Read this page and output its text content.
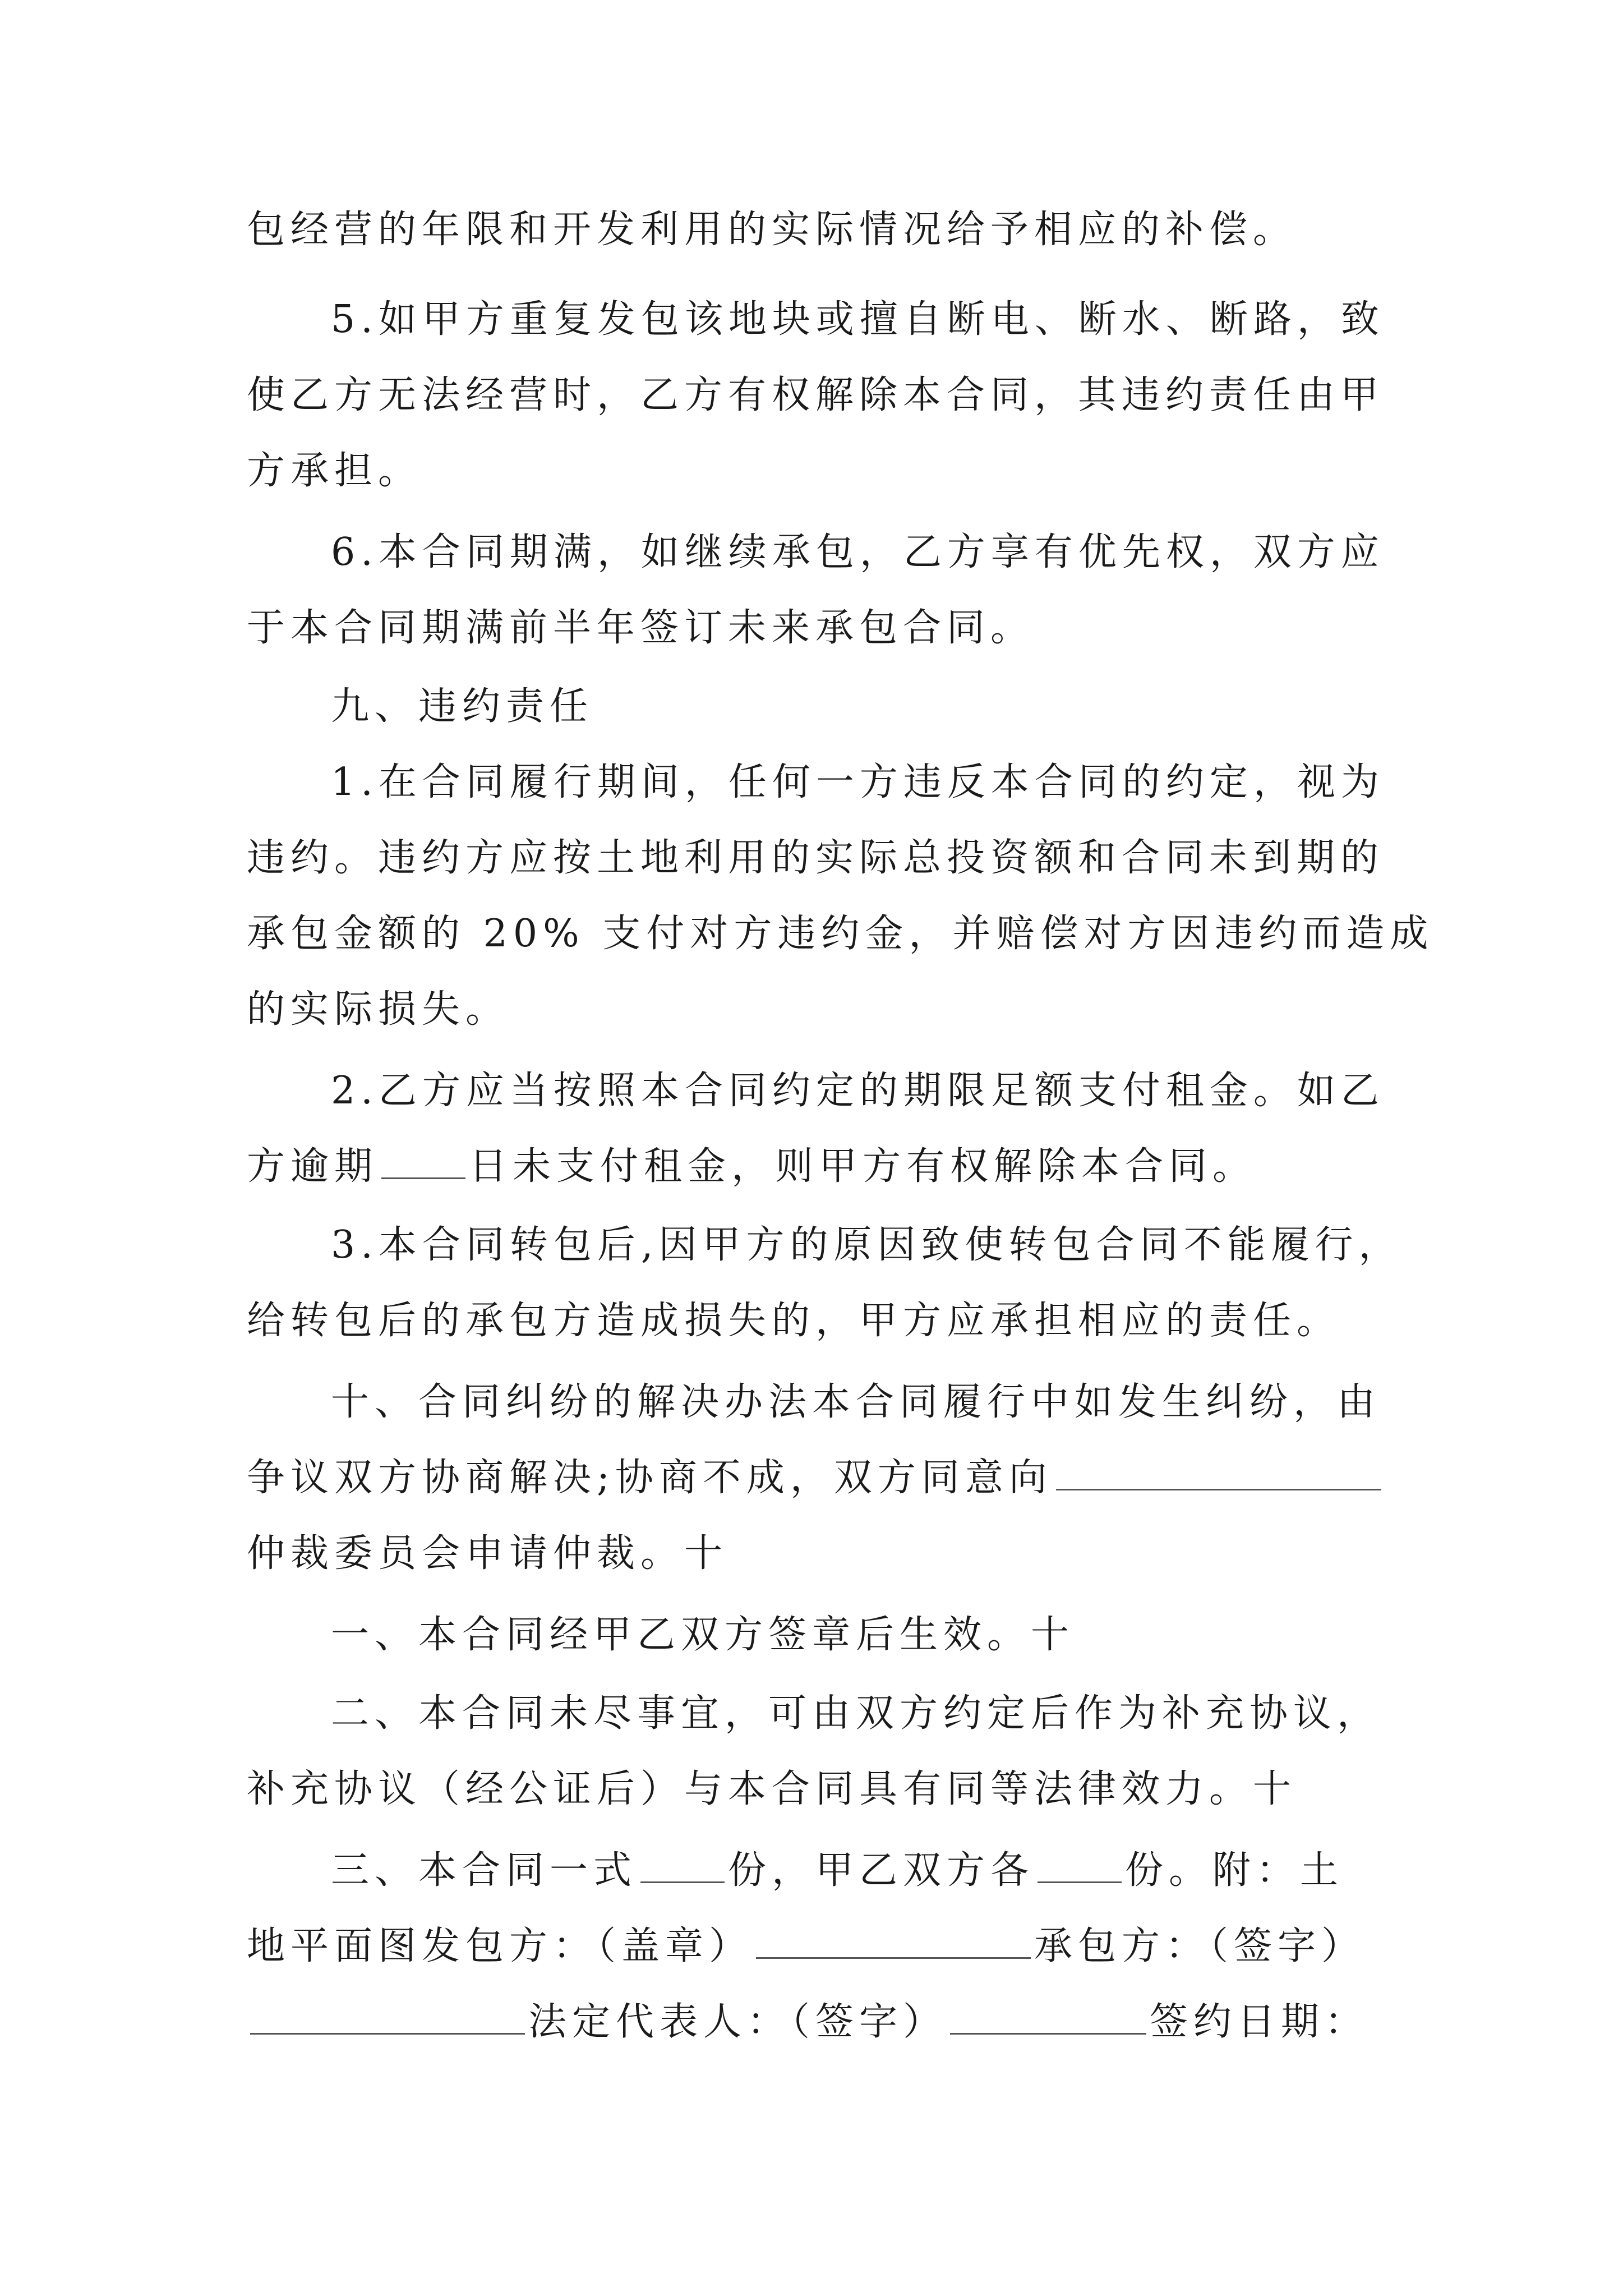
包经营的年限和开发利用的实际情况给予相应的补偿。
5.如甲方重复发包该地块或擅自断电、断水、断路，致
使乙方无法经营时，乙方有权解除本合同，其违约责任由甲
方承担。
6.本合同期满，如继续承包，乙方享有优先权，双方应
于本合同期满前半年签订未来承包合同。
九、违约责任
1.在合同履行期间，任何一方违反本合同的约定，视为
违约。违约方应按土地利用的实际总投资额和合同未到期的
承包金额的 20% 支付对方违约金，并赔偿对方因违约而造成
的实际损失。
2.乙方应当按照本合同约定的期限足额支付租金。如乙
方逾期 日未支付租金，则甲方有权解除本合同。
3.本合同转包后,因甲方的原因致使转包合同不能履行，
给转包后的承包方造成损失的，甲方应承担相应的责任。
十、合同纠纷的解决办法本合同履行中如发生纠纷，由
争议双方协商解决;协商不成，双方同意向
仲裁委员会申请仲裁。十
一、本合同经甲乙双方签章后生效。十
二、本合同未尽事宜，可由双方约定后作为补充协议，
补充协议（经公证后）与本合同具有同等法律效力。十
三、本合同一式 份，甲乙双方各 份。附：土
地平面图发包方：（盖章）	承包方：（签字）
法定代表人：（签字）	签约日期：
